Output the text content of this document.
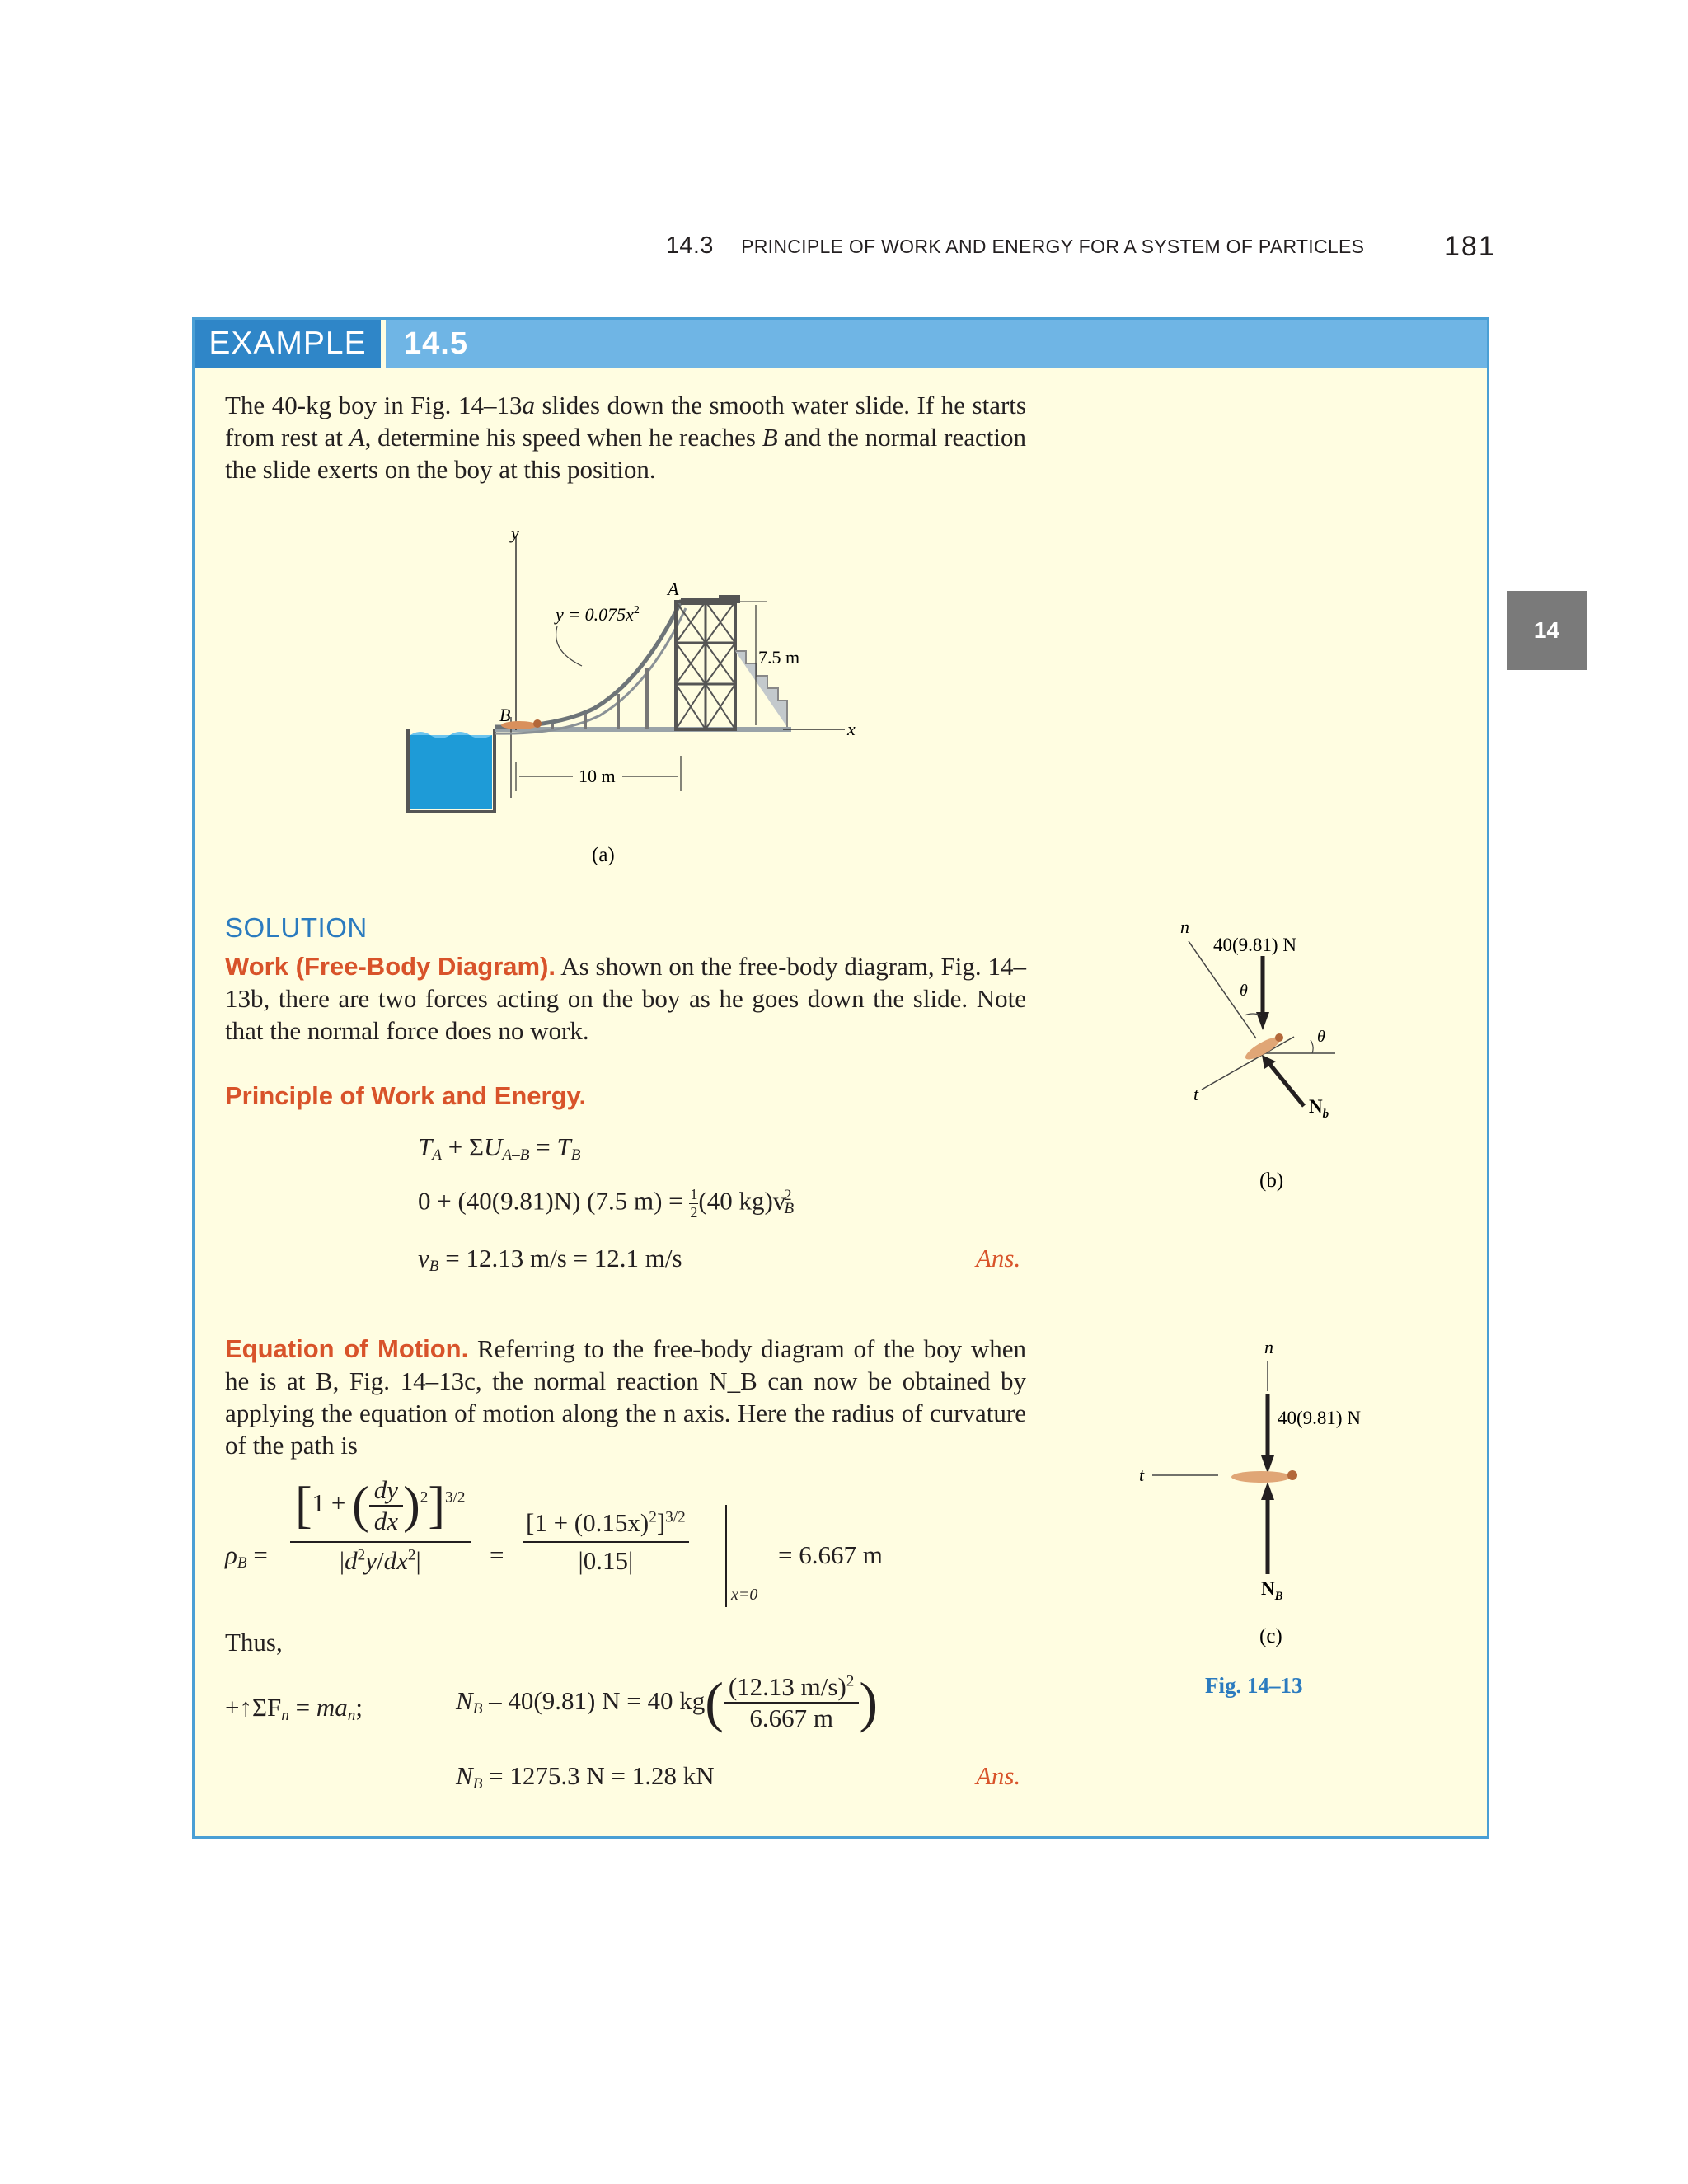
14.3 PRINCIPLE OF WORK AND ENERGY FOR A SYSTEM OF PARTICLES	181
14
EXAMPLE	14.5
The 40-kg boy in Fig. 14–13a slides down the smooth water slide. If he starts from rest at A, determine his speed when he reaches B and the normal reaction the slide exerts on the boy at this position.
y
x
A
B
$y = 0.075x^2$
7.5 m
10 m
(a)
SOLUTION
Work (Free-Body Diagram). As shown on the free-body diagram, Fig. 14–13b, there are two forces acting on the boy as he goes down the slide. Note that the normal force does no work.
Principle of Work and Energy.
$T_A + \Sigma U_{A-B} = T_B$
0 + (40(9.81)N) (7.5 $m) = \frac{1}{2} (40$ $kg)v_B^2$
$v_B = 12.13$ m/s = 12.1 m/s	Ans.
Equation of Motion. Referring to the free-body diagram of the boy when he is at B, Fig. 14–13c, the normal reaction N_B can now be obtained by applying the equation of motion along the n axis. Here the radius of curvature of the path is
$\rho_B$ =
[1 + ( $\frac{dy}{dx} )^2]^{3/2}$
$|d^2y/dx^2|$	=
$[1 + (0.15x)^2]^{3/2}$
|0.15|
x=0
= 6.667 m
Thus,
$+↑\Sigma F_n = ma_n$;	$N_B - 40(9.81) N = 40$ $kg( \frac{(12.13 m/s)^2}{6.667 m}$ )
$N_B = 1275.3$ N = 1.28 kN	Ans.
n
t
40(9.81) N
θ
θ
$N_b$
(b)
n
t
40(9.81) N
$N_B$
(c)
Fig. 14–13
